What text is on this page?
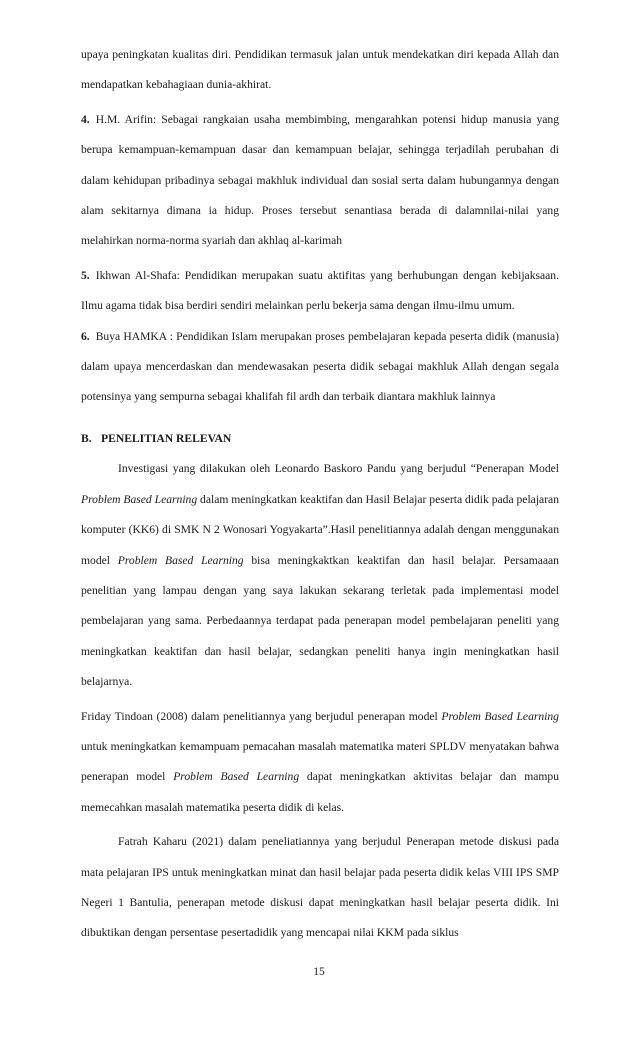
upaya peningkatan kualitas diri. Pendidikan termasuk jalan untuk mendekatkan diri kepada Allah dan mendapatkan kebahagiaan dunia-akhirat.

4. H.M. Arifin: Sebagai rangkaian usaha membimbing, mengarahkan potensi hidup manusia yang berupa kemampuan-kemampuan dasar dan kemampuan belajar, sehingga terjadilah perubahan di dalam kehidupan pribadinya sebagai makhluk individual dan sosial serta dalam hubungannya dengan alam sekitarnya dimana ia hidup. Proses tersebut senantiasa berada di dalamnilai-nilai yang melahirkan norma-norma syariah dan akhlaq al-karimah

5. Ikhwan Al-Shafa: Pendidikan merupakan suatu aktifitas yang berhubungan dengan kebijaksaan. Ilmu agama tidak bisa berdiri sendiri melainkan perlu bekerja sama dengan ilmu-ilmu umum.

6. Buya HAMKA : Pendidikan Islam merupakan proses pembelajaran kepada peserta didik (manusia) dalam upaya mencerdaskan dan mendewasakan peserta didik sebagai makhluk Allah dengan segala potensinya yang sempurna sebagai khalifah fil ardh dan terbaik diantara makhluk lainnya

B. PENELITIAN RELEVAN

Investigasi yang dilakukan oleh Leonardo Baskoro Pandu yang berjudul “Penerapan Model Problem Based Learning dalam meningkatkan keaktifan dan Hasil Belajar peserta didik pada pelajaran komputer (KK6) di SMK N 2 Wonosari Yogyakarta”.Hasil penelitiannya adalah dengan menggunakan model Problem Based Learning bisa meningkaktkan keaktifan dan hasil belajar. Persamaaan penelitian yang lampau dengan yang saya lakukan sekarang terletak pada implementasi model pembelajaran yang sama. Perbedaannya terdapat pada penerapan model pembelajaran peneliti yang meningkatkan keaktifan dan hasil belajar, sedangkan peneliti hanya ingin meningkatkan hasil belajarnya.

Friday Tindoan (2008) dalam penelitiannya yang berjudul penerapan model Problem Based Learning untuk meningkatkan kemampuam pemacahan masalah matematika materi SPLDV menyatakan bahwa penerapan model Problem Based Learning dapat meningkatkan aktivitas belajar dan mampu memecahkan masalah matematika peserta didik di kelas.

Fatrah Kaharu (2021) dalam peneliatiannya yang berjudul Penerapan metode diskusi pada mata pelajaran IPS untuk meningkatkan minat dan hasil belajar pada peserta didik kelas VIII IPS SMP Negeri 1 Bantulia, penerapan metode diskusi dapat meningkatkan hasil belajar peserta didik. Ini dibuktikan dengan persentase pesertadidik yang mencapai nilai KKM pada siklus

15
